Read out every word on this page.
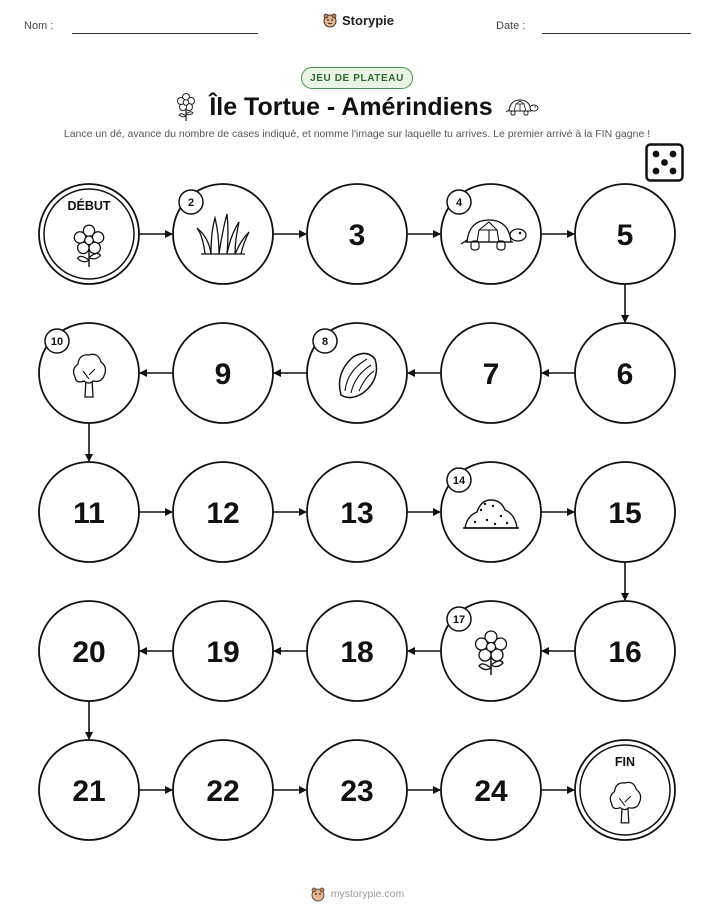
Nom :	Storypie	Date :
JEU DE PLATEAU
Île Tortue - Amérindiens
Lance un dé, avance du nombre de cases indiqué, et nomme l'image sur laquelle tu arrives. Le premier arrivé à la FIN gagne !
DÉBUT	2
3
4
5
6
7
8
9
10
11	12	13
14
15
16
17
18
19
20
21	22	23	24
FIN
mystorypie.com
